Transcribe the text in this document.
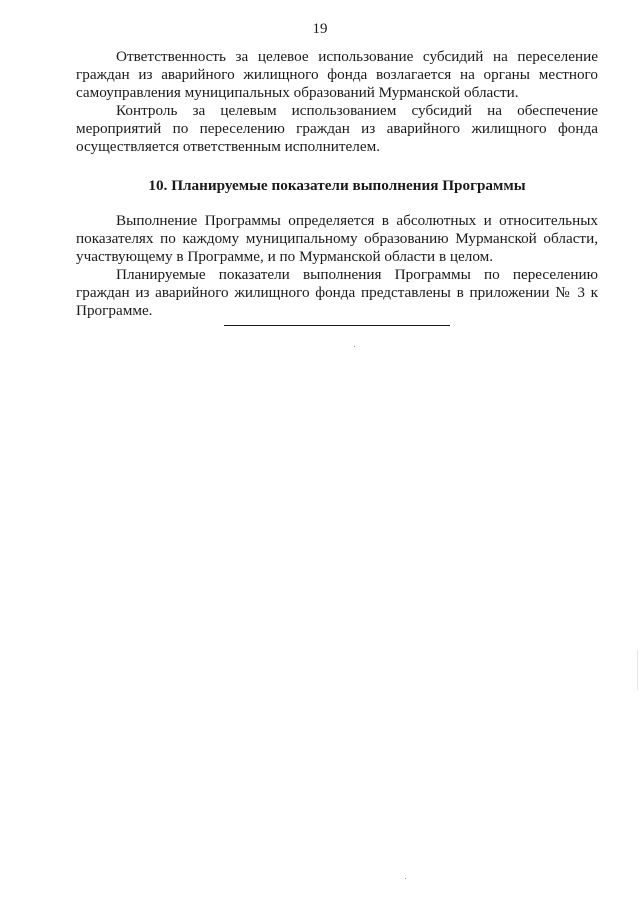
19

Ответственность за целевое использование субсидий на переселение граждан из аварийного жилищного фонда возлагается на органы местного самоуправления муниципальных образований Мурманской области.

Контроль за целевым использованием субсидий на обеспечение мероприятий по переселению граждан из аварийного жилищного фонда осуществляется ответственным исполнителем.

10. Планируемые показатели выполнения Программы

Выполнение Программы определяется в абсолютных и относительных показателях по каждому муниципальному образованию Мурманской области, участвующему в Программе, и по Мурманской области в целом.

Планируемые показатели выполнения Программы по переселению граждан из аварийного жилищного фонда представлены в приложении № 3 к Программе.
